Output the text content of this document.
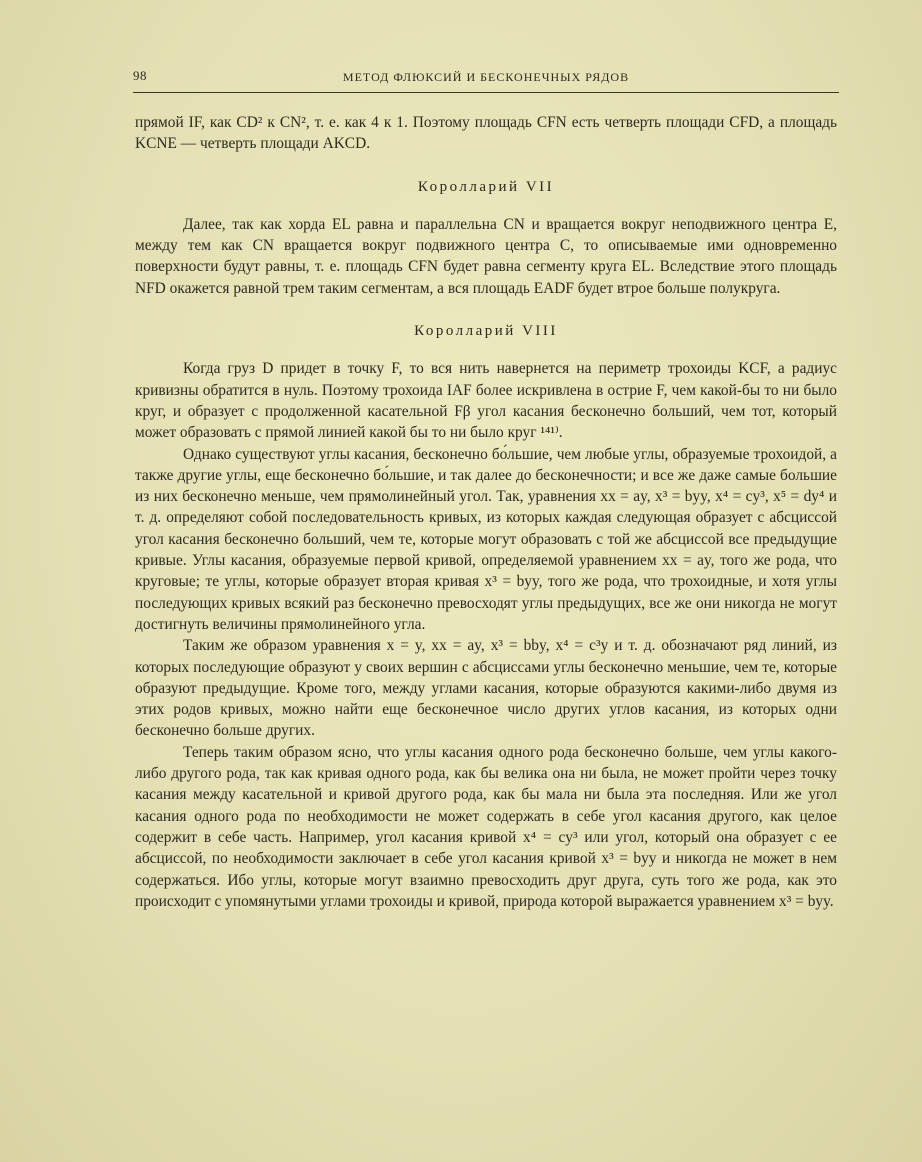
98	МЕТОД ФЛЮКСИЙ И БЕСКОНЕЧНЫХ РЯДОВ

прямой IF, как CD² к CN², т. е. как 4 к 1. Поэтому площадь CFN есть четверть площади CFD, а площадь KCNE — четверть площади AKCD.

Королларий VII

Далее, так как хорда EL равна и параллельна CN и вращается вокруг неподвижного центра E, между тем как CN вращается вокруг подвижного центра C, то описываемые ими одновременно поверхности будут равны, т. е. площадь CFN будет равна сегменту круга EL. Вследствие этого площадь NFD окажется равной трем таким сегментам, а вся площадь EADF будет втрое больше полукруга.

Королларий VIII

Когда груз D придет в точку F, то вся нить навернется на периметр трохоиды KCF, а радиус кривизны обратится в нуль. Поэтому трохоида IAF более искривлена в острие F, чем какой-бы то ни было круг, и образует с продолженной касательной Fβ угол касания бесконечно больший, чем тот, который может образовать с прямой линией какой бы то ни было круг ¹⁴¹⁾.

Однако существуют углы касания, бесконечно бо́льшие, чем любые углы, образуемые трохоидой, а также другие углы, еще бесконечно бо́льшие, и так далее до бесконечности; и все же даже самые большие из них бесконечно меньше, чем прямолинейный угол. Так, уравнения xx = ay, x³ = byy, x⁴ = cy³, x⁵ = dy⁴ и т. д. определяют собой последовательность кривых, из которых каждая следующая образует с абсциссой угол касания бесконечно больший, чем те, которые могут образовать с той же абсциссой все предыдущие кривые. Углы касания, образуемые первой кривой, определяемой уравнением xx = ay, того же рода, что круговые; те углы, которые образует вторая кривая x³ = byy, того же рода, что трохоидные, и хотя углы последующих кривых всякий раз бесконечно превосходят углы предыдущих, все же они никогда не могут достигнуть величины прямолинейного угла.

Таким же образом уравнения x = y, xx = ay, x³ = bby, x⁴ = c³y и т. д. обозначают ряд линий, из которых последующие образуют у своих вершин с абсциссами углы бесконечно меньшие, чем те, которые образуют предыдущие. Кроме того, между углами касания, которые образуются какими-либо двумя из этих родов кривых, можно найти еще бесконечное число других углов касания, из которых одни бесконечно больше других.

Теперь таким образом ясно, что углы касания одного рода бесконечно больше, чем углы какого-либо другого рода, так как кривая одного рода, как бы велика она ни была, не может пройти через точку касания между касательной и кривой другого рода, как бы мала ни была эта последняя. Или же угол касания одного рода по необходимости не может содержать в себе угол касания другого, как целое содержит в себе часть. Например, угол касания кривой x⁴ = cy³ или угол, который она образует с ее абсциссой, по необходимости заключает в себе угол касания кривой x³ = byy и никогда не может в нем содержаться. Ибо углы, которые могут взаимно превосходить друг друга, суть того же рода, как это происходит с упомянутыми углами трохоиды и кривой, природа которой выражается уравнением x³ = byy.
